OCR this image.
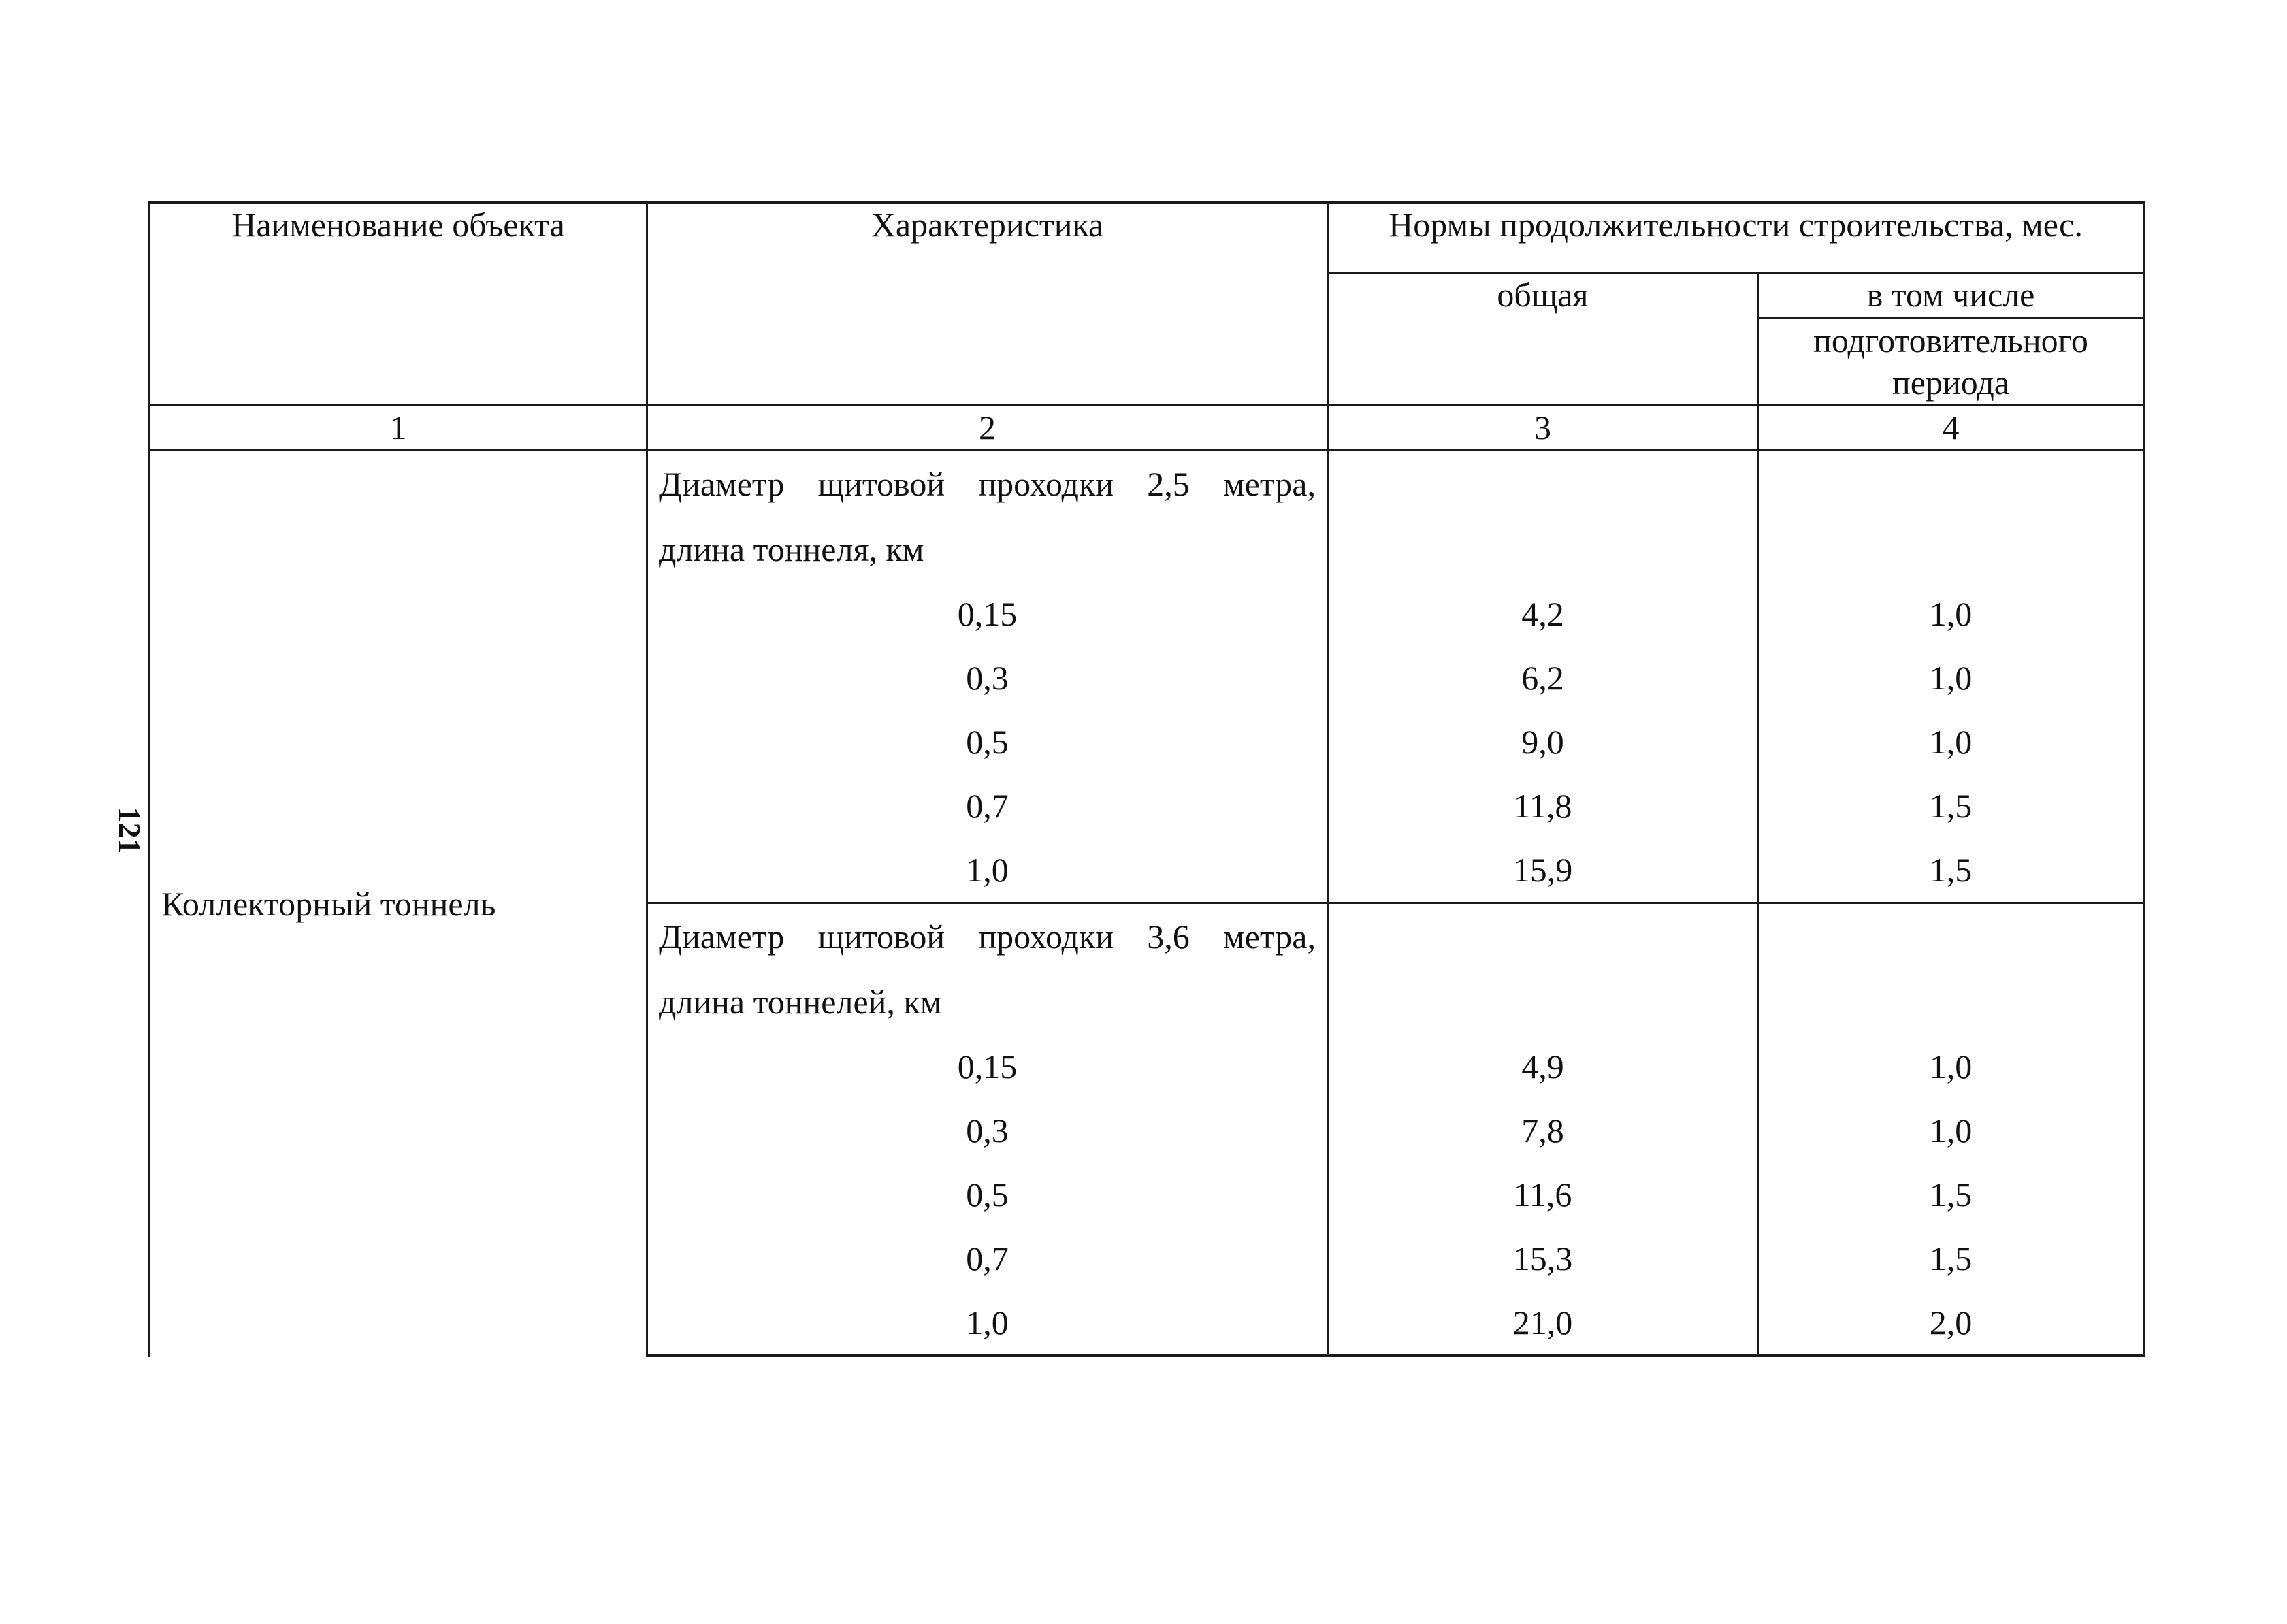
121
Наименование объекта	Характеристика	Нормы продолжительности строительства, мес.	
		общая	в том числе
			подготовительного периода
1	2	3	4
Коллекторный тоннель	Диаметр щитовой проходки 2,5 метра,		
	длина тоннеля, км		
	0,15	4,2	1,0
	0,3	6,2	1,0
	0,5	9,0	1,0
	0,7	11,8	1,5
	1,0	15,9	1,5
	Диаметр щитовой проходки 3,6 метра,		
	длина тоннелей, км		
	0,15	4,9	1,0
	0,3	7,8	1,0
	0,5	11,6	1,5
	0,7	15,3	1,5
	1,0	21,0	2,0
